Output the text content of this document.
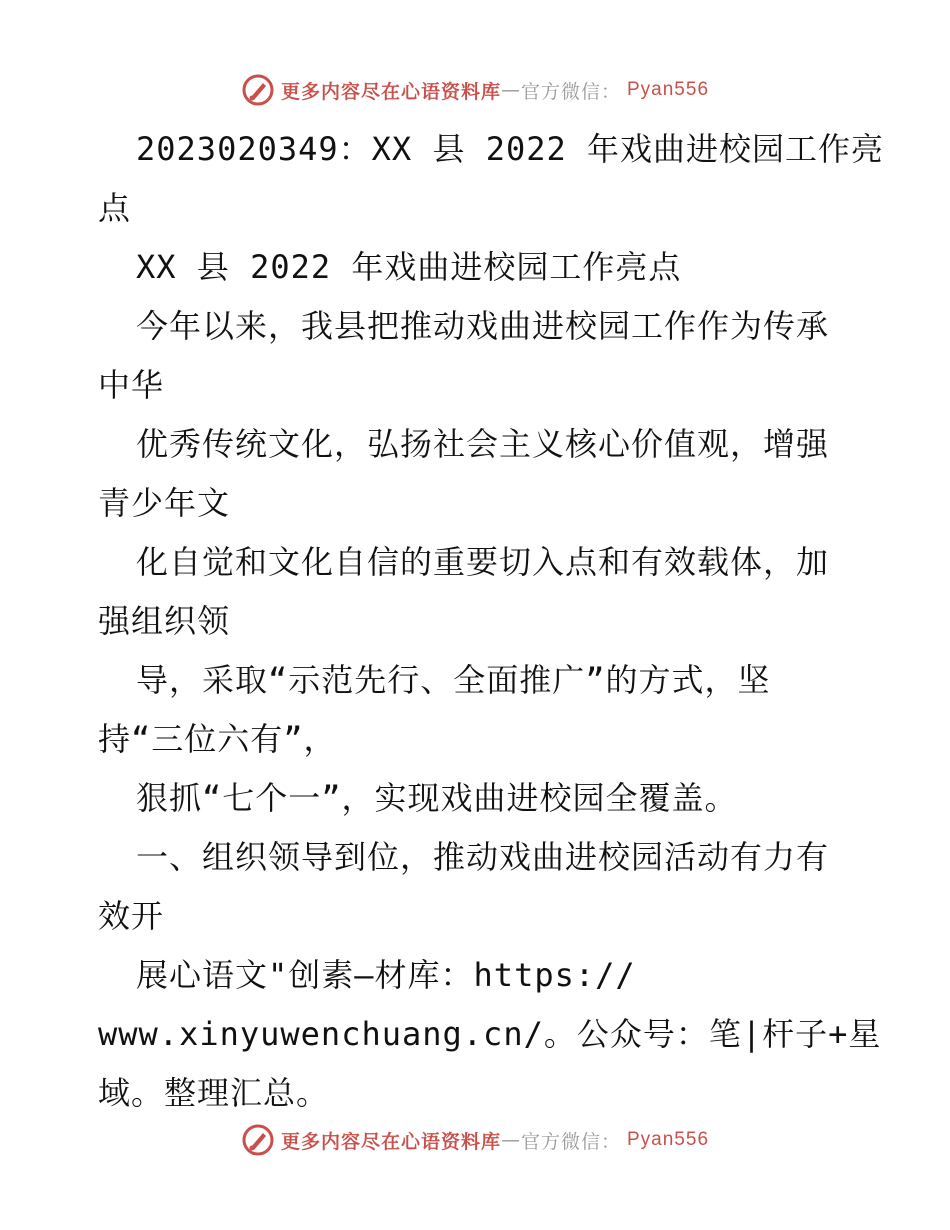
更多内容尽在心语资料库 — 官方微信： Pyan556
2023020349：XX 县 2022 年戏曲进校园工作亮
点
XX 县 2022 年戏曲进校园工作亮点
今年以来，我县把推动戏曲进校园工作作为传承
中华
优秀传统文化，弘扬社会主义核心价值观，增强
青少年文
化自觉和文化自信的重要切入点和有效载体，加
强组织领
导，采取“示范先行、全面推广”的方式，坚
持“三位六有”，
狠抓“七个一”，实现戏曲进校园全覆盖。
一、组织领导到位，推动戏曲进校园活动有力有
效开
展心语文"创素—材库：https://
www.xinyuwenchuang.cn/。公众号：笔|杆子+星
域。整理汇总。
更多内容尽在心语资料库 — 官方微信： Pyan556
